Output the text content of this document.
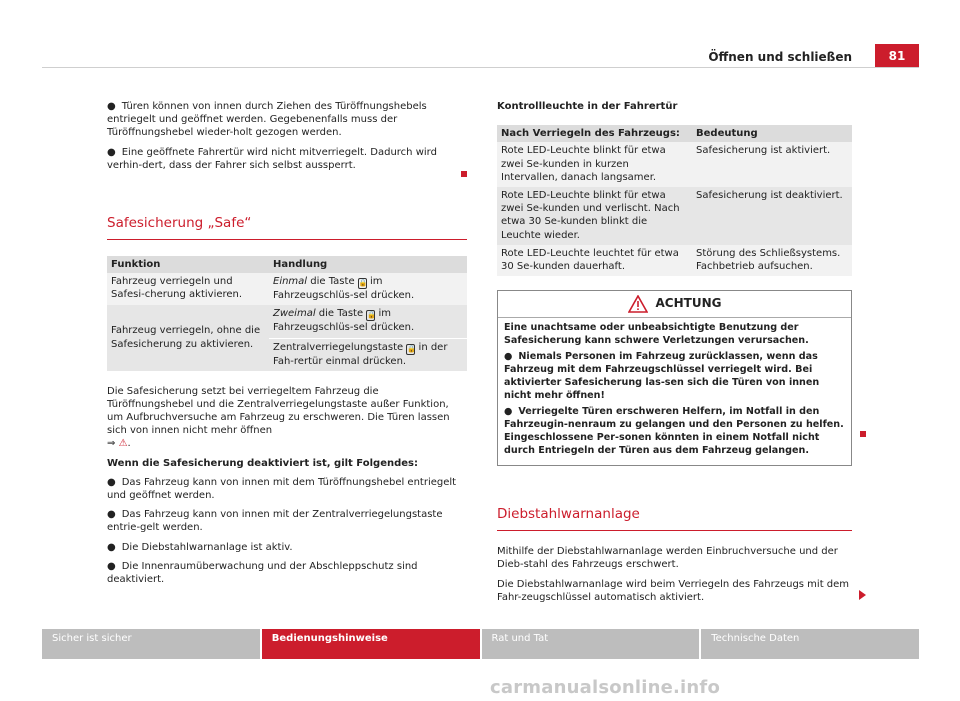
Öffnen und schließen	81

● Türen können von innen durch Ziehen des Türöffnungshebels entriegelt und geöffnet werden. Gegebenenfalls muss der Türöffnungshebel wieder-holt gezogen werden.

● Eine geöffnete Fahrertür wird nicht mitverriegelt. Dadurch wird verhin-dert, dass der Fahrer sich selbst aussperrt.

Safesicherung „Safe“
Funktion	Handlung
Fahrzeug verriegeln und Safesi-cherung aktivieren.	Einmal die Taste 🔒 im Fahrzeugschlüs-sel drücken.
Fahrzeug verriegeln, ohne die Safesicherung zu aktivieren.	Zweimal die Taste 🔒 im Fahrzeugschlüs-sel drücken.
	Zentralverriegelungstaste 🔒 in der Fah-rertür einmal drücken.

Die Safesicherung setzt bei verriegeltem Fahrzeug die Türöffnungshebel und die Zentralverriegelungstaste außer Funktion, um Aufbruchversuche am Fahrzeug zu erschweren. Die Türen lassen sich von innen nicht mehr öffnen
⇒ ⚠.

Wenn die Safesicherung deaktiviert ist, gilt Folgendes:

● Das Fahrzeug kann von innen mit dem Türöffnungshebel entriegelt und geöffnet werden.

● Das Fahrzeug kann von innen mit der Zentralverriegelungstaste entrie-gelt werden.

● Die Diebstahlwarnanlage ist aktiv.

● Die Innenraumüberwachung und der Abschleppschutz sind deaktiviert.

Kontrollleuchte in der Fahrertür

Nach Verriegeln des Fahrzeugs:	Bedeutung
Rote LED-Leuchte blinkt für etwa zwei Se-kunden in kurzen Intervallen, danach langsamer.	Safesicherung ist aktiviert.
Rote LED-Leuchte blinkt für etwa zwei Se-kunden und verlischt. Nach etwa 30 Se-kunden blinkt die Leuchte wieder.	Safesicherung ist deaktiviert.
Rote LED-Leuchte leuchtet für etwa 30 Se-kunden dauerhaft.	Störung des Schließsystems. Fachbetrieb aufsuchen.
ACHTUNG

Eine unachtsame oder unbeabsichtigte Benutzung der Safesicherung kann schwere Verletzungen verursachen.

● Niemals Personen im Fahrzeug zurücklassen, wenn das Fahrzeug mit dem Fahrzeugschlüssel verriegelt wird. Bei aktivierter Safesicherung las-sen sich die Türen von innen nicht mehr öffnen!

● Verriegelte Türen erschweren Helfern, im Notfall in den Fahrzeugin-nenraum zu gelangen und den Personen zu helfen. Eingeschlossene Per-sonen könnten in einem Notfall nicht durch Entriegeln der Türen aus dem Fahrzeug gelangen.

Diebstahlwarnanlage

Mithilfe der Diebstahlwarnanlage werden Einbruchversuche und der Dieb-stahl des Fahrzeugs erschwert.

Die Diebstahlwarnanlage wird beim Verriegeln des Fahrzeugs mit dem Fahr-zeugschlüssel automatisch aktiviert.

Sicher ist sicher	Bedienungshinweise	Rat und Tat	Technische Daten
carmanualsonline.info
